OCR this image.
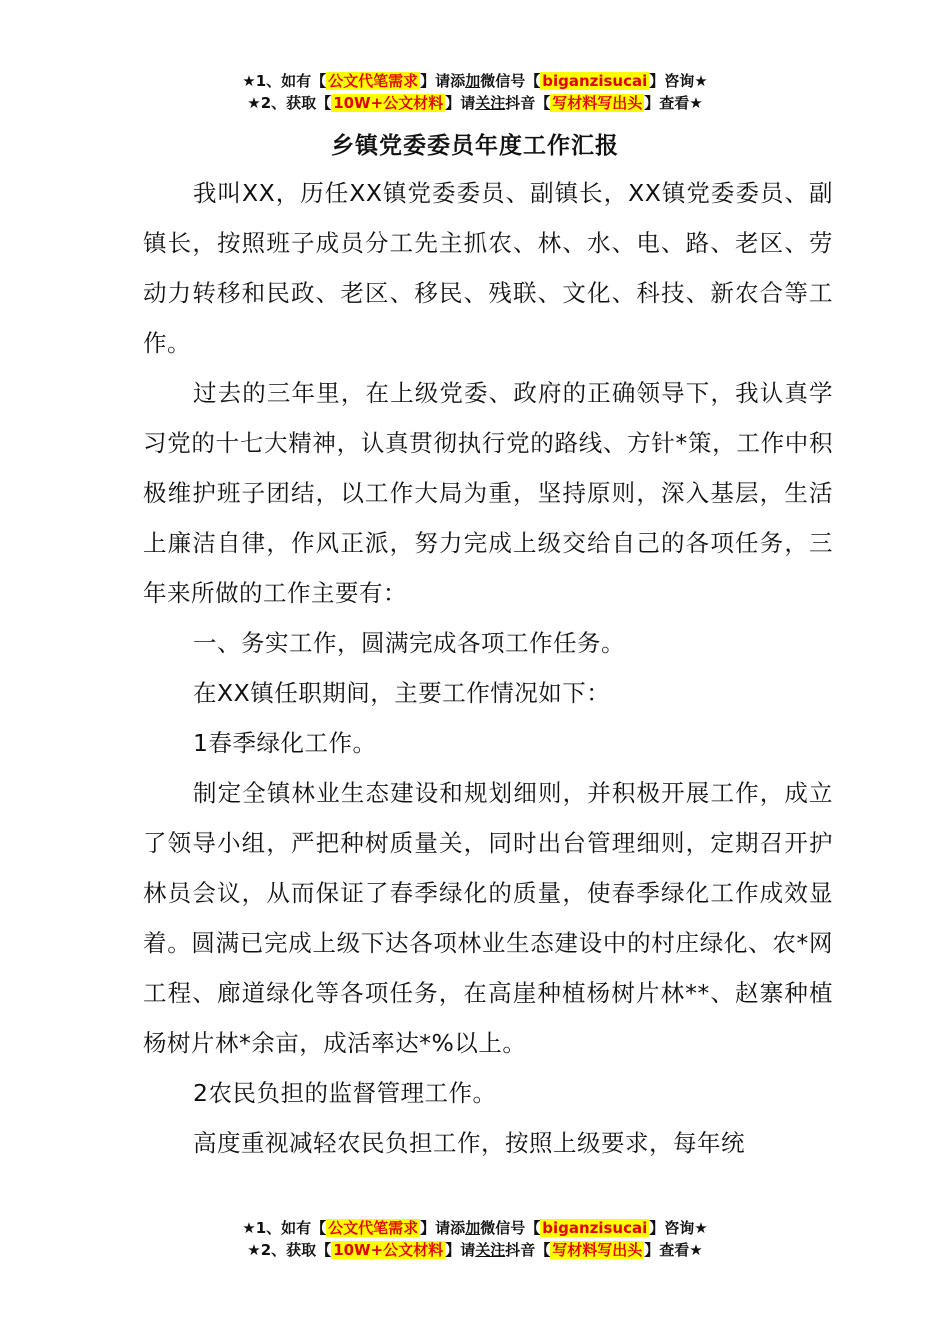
★1、如有【 公文代笔需求 】请添加微信号【 biganzisucai 】咨询★
★2、获取【 10W+公文材料 】请关注抖音【 写材料写出头 】查看★
乡镇党委委员年度工作汇报

我叫XX，历任XX镇党委委员、副镇长，XX镇党委委员、副镇长，按照班子成员分工先主抓农、林、水、电、路、老区、劳动力转移和民政、老区、移民、残联、文化、科技、新农合等工作。

过去的三年里，在上级党委、政府的正确领导下，我认真学习党的十七大精神，认真贯彻执行党的路线、方针*策，工作中积极维护班子团结，以工作大局为重，坚持原则，深入基层，生活上廉洁自律，作风正派，努力完成上级交给自己的各项任务，三年来所做的工作主要有：

一、务实工作，圆满完成各项工作任务。

在XX镇任职期间，主要工作情况如下：

1春季绿化工作。

制定全镇林业生态建设和规划细则，并积极开展工作，成立了领导小组，严把种树质量关，同时出台管理细则，定期召开护林员会议，从而保证了春季绿化的质量，使春季绿化工作成效显着。圆满已完成上级下达各项林业生态建设中的村庄绿化、农*网工程、廊道绿化等各项任务，在高崖种植杨树片林**、赵寨种植杨树片林*余亩，成活率达*%以上。

2农民负担的监督管理工作。

高度重视减轻农民负担工作，按照上级要求，每年统

★1、如有【 公文代笔需求 】请添加微信号【 biganzisucai 】咨询★
★2、获取【 10W+公文材料 】请关注抖音【 写材料写出头 】查看★
